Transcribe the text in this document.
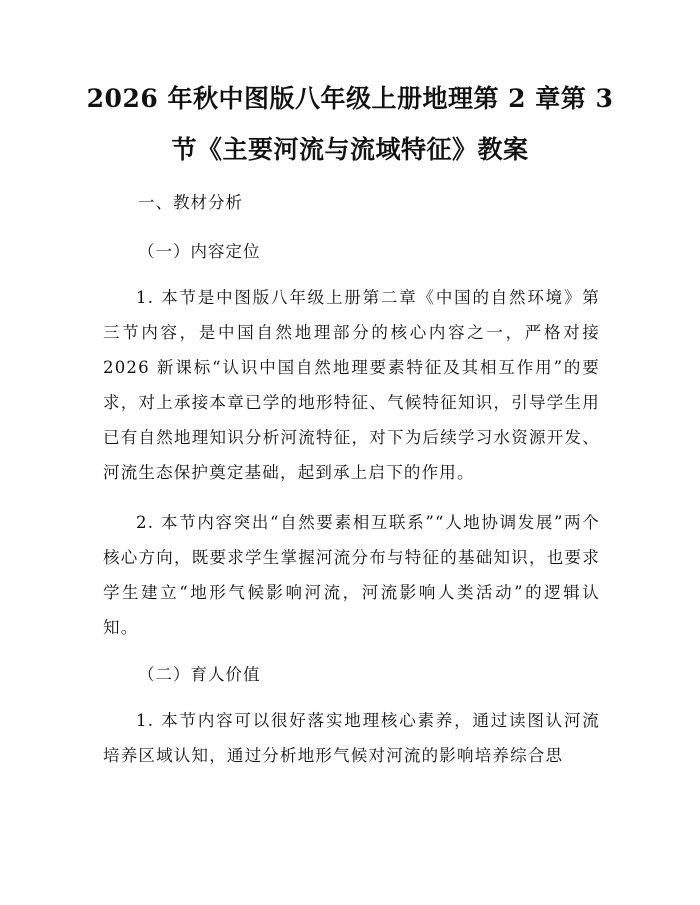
2026 年秋中图版八年级上册地理第 2 章第 3
节《主要河流与流域特征》教案
一、教材分析
（一）内容定位
1. 本节是中图版八年级上册第二章《中国的自然环境》第三节内容，是中国自然地理部分的核心内容之一，严格对接 2026 新课标“认识中国自然地理要素特征及其相互作用”的要求，对上承接本章已学的地形特征、气候特征知识，引导学生用已有自然地理知识分析河流特征，对下为后续学习水资源开发、河流生态保护奠定基础，起到承上启下的作用。
2. 本节内容突出“自然要素相互联系”“人地协调发展”两个核心方向，既要求学生掌握河流分布与特征的基础知识，也要求学生建立“地形气候影响河流，河流影响人类活动”的逻辑认知。
（二）育人价值
1. 本节内容可以很好落实地理核心素养，通过读图认河流培养区域认知，通过分析地形气候对河流的影响培养综合思
